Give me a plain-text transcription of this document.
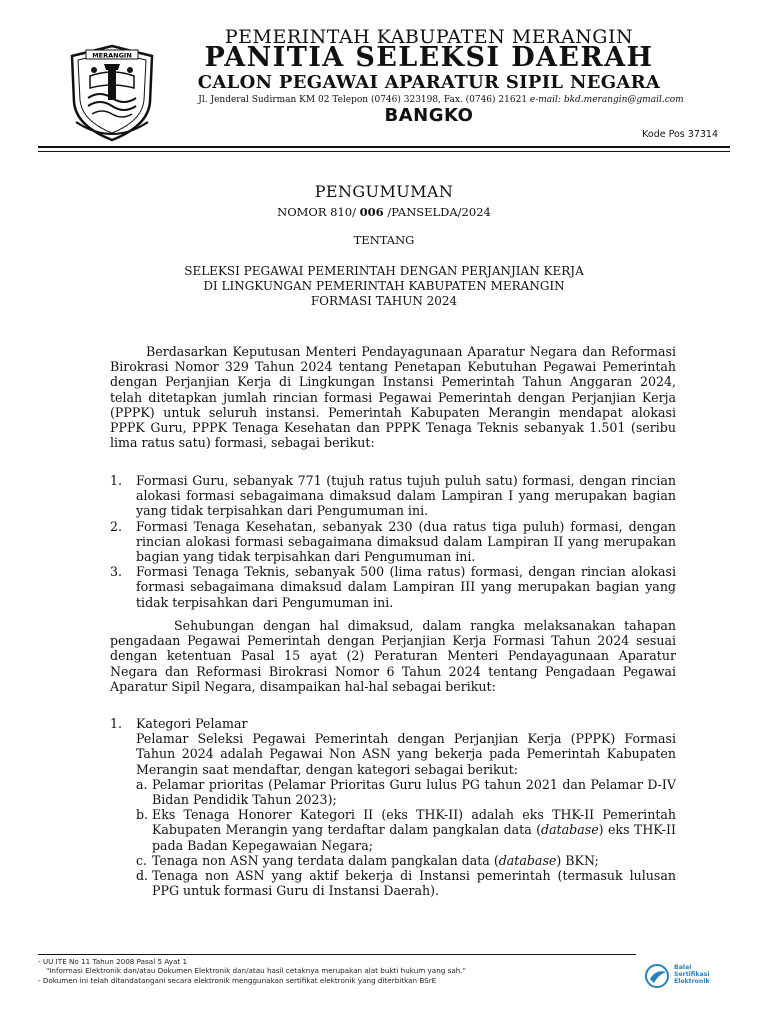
MERANGIN
PEMERINTAH KABUPATEN MERANGIN
PANITIA SELEKSI DAERAH
CALON PEGAWAI APARATUR SIPIL NEGARA
Jl. Jenderal Sudirman KM 02 Telepon (0746) 323198, Fax. (0746) 21621 e-mail: bkd.merangin@gmail.com
BANGKO
Kode Pos 37314
PENGUMUMAN
NOMOR 810/ 006 /PANSELDA/2024
TENTANG
SELEKSI PEGAWAI PEMERINTAH DENGAN PERJANJIAN KERJA
DI LINGKUNGAN PEMERINTAH KABUPATEN MERANGIN
FORMASI TAHUN 2024
Berdasarkan Keputusan Menteri Pendayagunaan Aparatur Negara dan Reformasi Birokrasi Nomor 329 Tahun 2024 tentang Penetapan Kebutuhan Pegawai Pemerintah dengan Perjanjian Kerja di Lingkungan Instansi Pemerintah Tahun Anggaran 2024, telah ditetapkan jumlah rincian formasi Pegawai Pemerintah dengan Perjanjian Kerja (PPPK) untuk seluruh instansi. Pemerintah Kabupaten Merangin mendapat alokasi PPPK Guru, PPPK Tenaga Kesehatan dan PPPK Tenaga Teknis sebanyak 1.501 (seribu lima ratus satu) formasi, sebagai berikut:
1. Formasi Guru, sebanyak 771 (tujuh ratus tujuh puluh satu) formasi, dengan rincian alokasi formasi sebagaimana dimaksud dalam Lampiran I yang merupakan bagian yang tidak terpisahkan dari Pengumuman ini.
2. Formasi Tenaga Kesehatan, sebanyak 230 (dua ratus tiga puluh) formasi, dengan rincian alokasi formasi sebagaimana dimaksud dalam Lampiran II yang merupakan bagian yang tidak terpisahkan dari Pengumuman ini.
3. Formasi Tenaga Teknis, sebanyak 500 (lima ratus) formasi, dengan rincian alokasi formasi sebagaimana dimaksud dalam Lampiran III yang merupakan bagian yang tidak terpisahkan dari Pengumuman ini.
Sehubungan dengan hal dimaksud, dalam rangka melaksanakan tahapan pengadaan Pegawai Pemerintah dengan Perjanjian Kerja Formasi Tahun 2024 sesuai dengan ketentuan Pasal 15 ayat (2) Peraturan Menteri Pendayagunaan Aparatur Negara dan Reformasi Birokrasi Nomor 6 Tahun 2024 tentang Pengadaan Pegawai Aparatur Sipil Negara, disampaikan hal-hal sebagai berikut:
1. Kategori Pelamar
Pelamar Seleksi Pegawai Pemerintah dengan Perjanjian Kerja (PPPK) Formasi Tahun 2024 adalah Pegawai Non ASN yang bekerja pada Pemerintah Kabupaten Merangin saat mendaftar, dengan kategori sebagai berikut:
a. Pelamar prioritas (Pelamar Prioritas Guru lulus PG tahun 2021 dan Pelamar D-IV Bidan Pendidik Tahun 2023);
b. Eks Tenaga Honorer Kategori II (eks THK-II) adalah eks THK-II Pemerintah Kabupaten Merangin yang terdaftar dalam pangkalan data (database) eks THK-II pada Badan Kepegawaian Negara;
c. Tenaga non ASN yang terdata dalam pangkalan data (database) BKN;
d. Tenaga non ASN yang aktif bekerja di Instansi pemerintah (termasuk lulusan PPG untuk formasi Guru di Instansi Daerah).
- UU ITE No 11 Tahun 2008 Pasal 5 Ayat 1
"Informasi Elektronik dan/atau Dokumen Elektronik dan/atau hasil cetaknya merupakan alat bukti hukum yang sah."
- Dokumen ini telah ditandatangani secara elektronik menggunakan sertifikat elektronik yang diterbitkan BSrE
Balai
Sertifikasi
Elektronik
